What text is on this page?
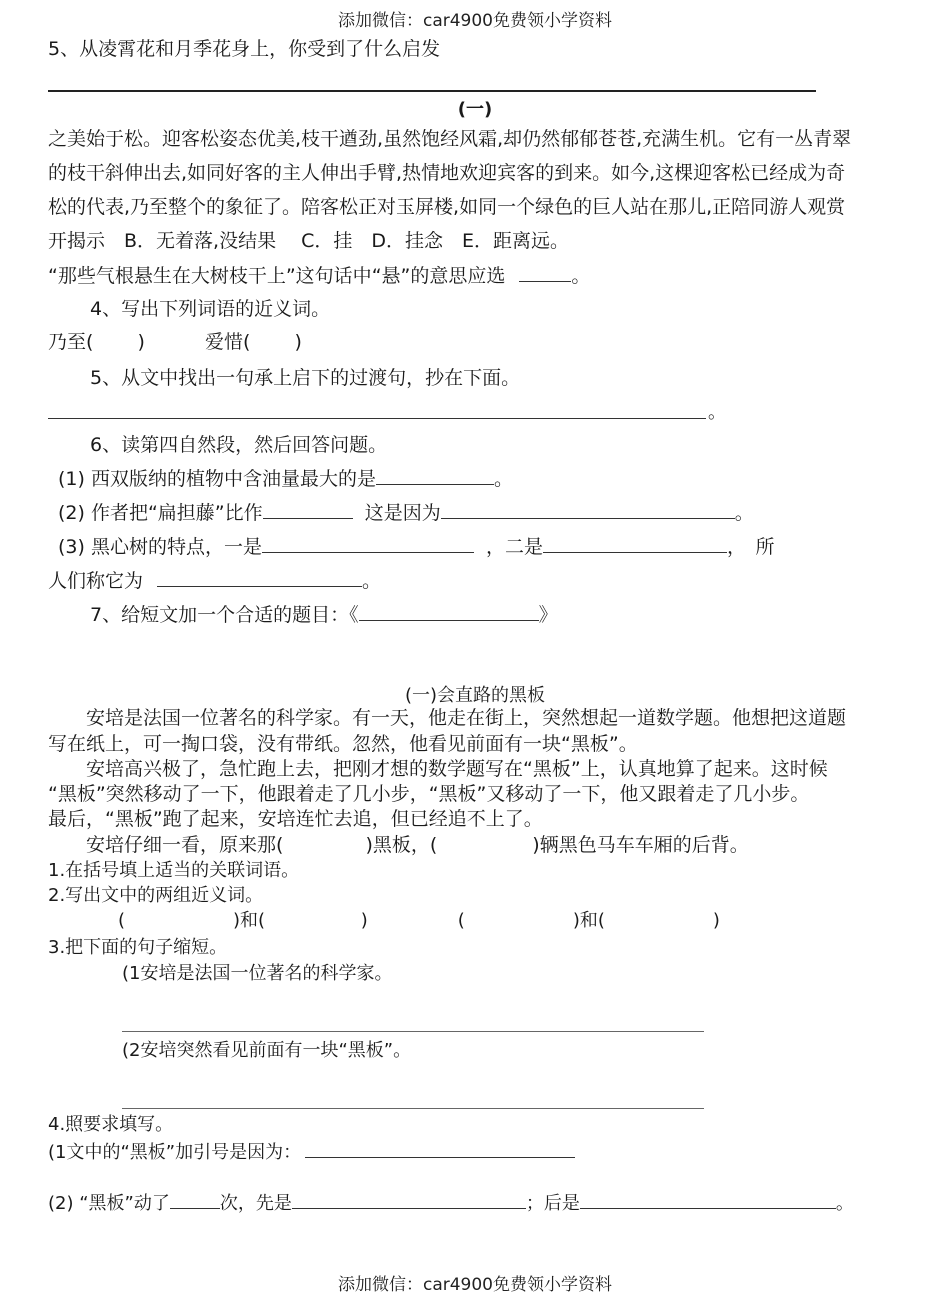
添加微信：car4900免费领小学资料
5、从凌霄花和月季花身上，你受到了什么启发
(一)
之美始于松。迎客松姿态优美,枝干遒劲,虽然饱经风霜,却仍然郁郁苍苍,充满生机。它有一丛青翠
的枝干斜伸出去,如同好客的主人伸出手臂,热情地欢迎宾客的到来。如今,这棵迎客松已经成为奇
松的代表,乃至整个的象征了。陪客松正对玉屏楼,如同一个绿色的巨人站在那儿,正陪同游人观赏
开揭示　B．无着落,没结果　 C．挂　D．挂念　E．距离远。
“那些气根悬生在大树枝干上”这句话中“悬”的意思应选	。
4、写出下列词语的近义词。
乃至(　　 )	爱惜(　　 )
5、从文中找出一句承上启下的过渡句，抄在下面。
。
6、读第四自然段，然后回答问题。
(1) 西双版纳的植物中含油量最大的是	。
(2) 作者把“扁担藤”比作	这是因为	。
(3) 黑心树的特点，一是	，二是	，　所
人们称它为	。
7、给短文加一个合适的题目：《	》
(一)会直路的黑板
　　安培是法国一位著名的科学家。有一天，他走在街上，突然想起一道数学题。他想把这道题
写在纸上，可一掏口袋，没有带纸。忽然，他看见前面有一块“黑板”。
　　安培高兴极了，急忙跑上去，把刚才想的数学题写在“黑板”上，认真地算了起来。这时候
“黑板”突然移动了一下，他跟着走了几小步，“黑板”又移动了一下，他又跟着走了几小步。
最后，“黑板”跑了起来，安培连忙去追，但已经追不上了。
　　安培仔细一看，原来那(　　　　 )黑板，(　　　　　)辆黑色马车车厢的后背。
1.在括号填上适当的关联词语。
2.写出文中的两组近义词。
(　　　　　　)和(　　　　　 )　　　　　(　　　　　　)和(　　　　　　)
3.把下面的句子缩短。
(1安培是法国一位著名的科学家。
(2安培突然看见前面有一块“黑板”。
4.照要求填写。
(1文中的“黑板”加引号是因为：
(2) “黑板”动了	次，先是	；后是	。
添加微信：car4900免费领小学资料
